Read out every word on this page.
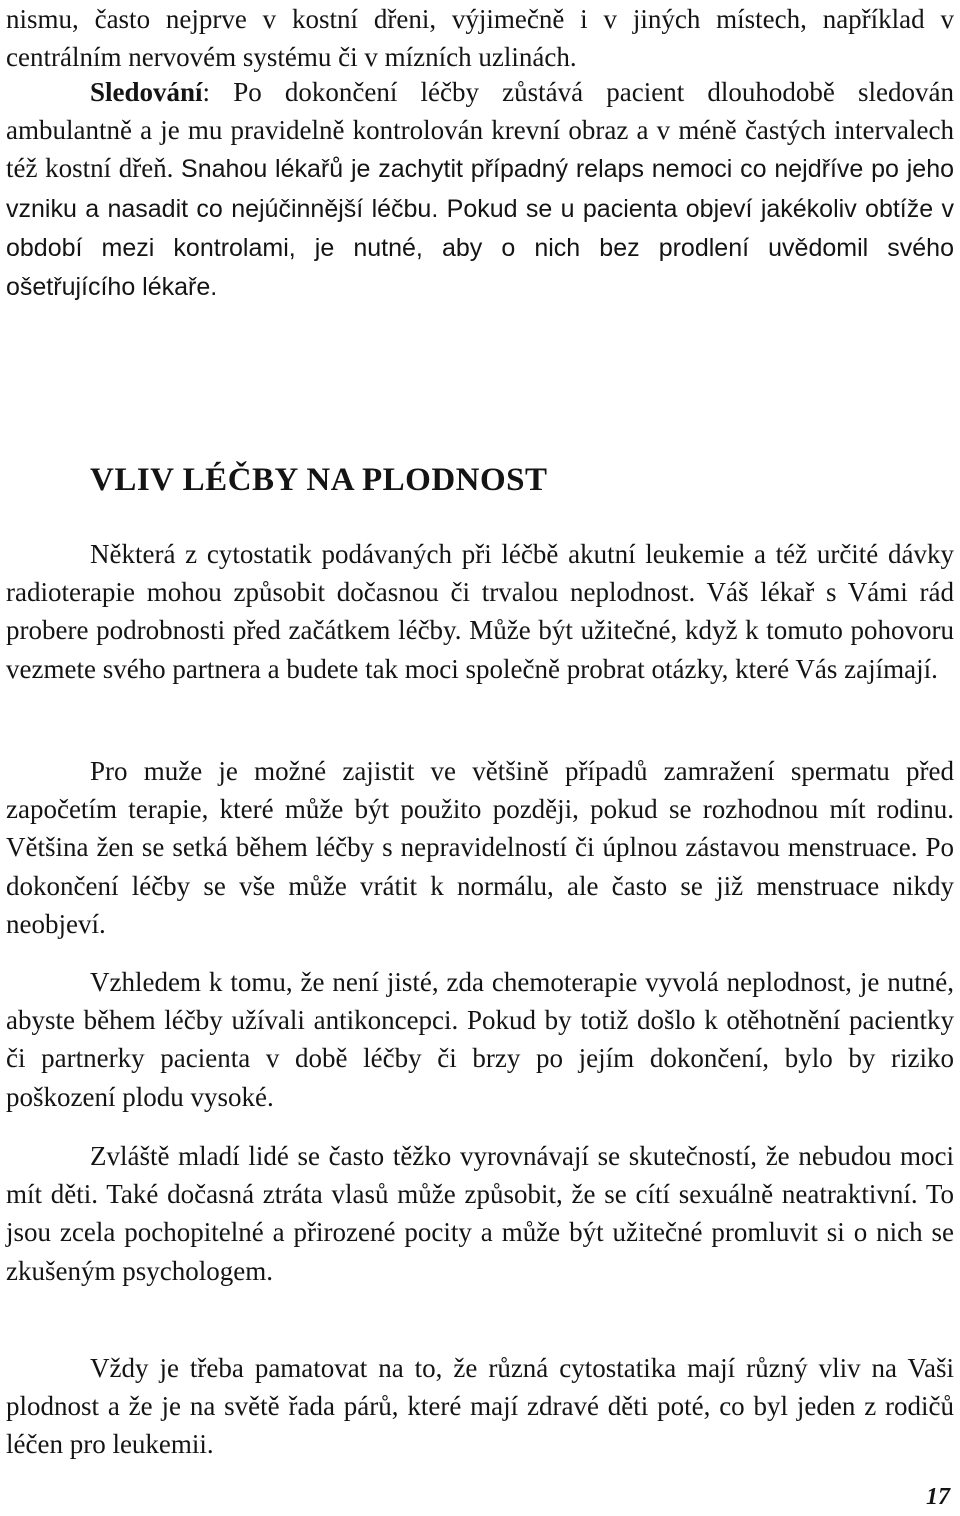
nismu, často nejprve v kostní dřeni, výjimečně i v jiných místech, například v centrálním nervovém systému či v mízních uzlinách.

Sledování: Po dokončení léčby zůstává pacient dlouhodobě sledován ambulantně a je mu pravidelně kontrolován krevní obraz a v méně častých intervalech též kostní dřeň. Snahou lékařů je zachytit případný relaps nemoci co nejdříve po jeho vzniku a nasadit co nejúčinnější léčbu. Pokud se u pacienta objeví jakékoliv obtíže v období mezi kontrolami, je nutné, aby o nich bez prodlení uvědomil svého ošetřujícího lékaře.

VLIV LÉČBY NA PLODNOST

Některá z cytostatik podávaných při léčbě akutní leukemie a též určité dávky radioterapie mohou způsobit dočasnou či trvalou neplodnost. Váš lékař s Vámi rád probere podrobnosti před začátkem léčby. Může být užitečné, když k tomuto pohovoru vezmete svého partnera a budete tak moci společně probrat otázky, které Vás zajímají.

Pro muže je možné zajistit ve většině případů zamražení spermatu před započetím terapie, které může být použito později, pokud se rozhodnou mít rodinu. Většina žen se setká během léčby s nepravidelností či úplnou zástavou menstruace. Po dokončení léčby se vše může vrátit k normálu, ale často se již menstruace nikdy neobjeví.

Vzhledem k tomu, že není jisté, zda chemoterapie vyvolá neplodnost, je nutné, abyste během léčby užívali antikoncepci. Pokud by totiž došlo k otěhotnění pacientky či partnerky pacienta v době léčby či brzy po jejím dokončení, bylo by riziko poškození plodu vysoké.

Zvláště mladí lidé se často těžko vyrovnávají se skutečností, že nebudou moci mít děti. Také dočasná ztráta vlasů může způsobit, že se cítí sexuálně neatraktivní. To jsou zcela pochopitelné a přirozené pocity a může být užitečné promluvit si o nich se zkušeným psychologem.

Vždy je třeba pamatovat na to, že různá cytostatika mají různý vliv na Vaši plodnost a že je na světě řada párů, které mají zdravé děti poté, co byl jeden z rodičů léčen pro leukemii.

17
